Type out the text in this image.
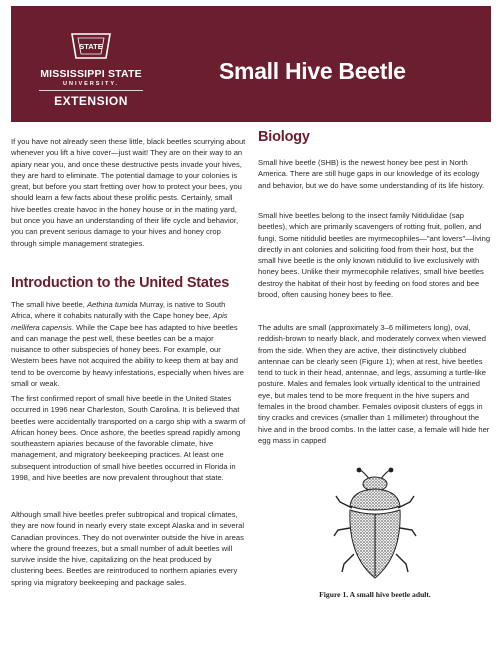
STATE
MISSISSIPPI STATE
UNIVERSITY.
EXTENSION
Small Hive Beetle

If you have not already seen these little, black beetles scurrying about whenever you lift a hive cover—just wait! They are on their way to an apiary near you, and once these destructive pests invade your hives, they are hard to eliminate. The potential damage to your colonies is great, but before you start fretting over how to protect your bees, you should learn a few facts about these prolific pests. Certainly, small hive beetles create havoc in the honey house or in the mating yard, but once you have an understanding of their life cycle and behavior, you can prevent serious damage to your hives and honey crop through simple management strategies.

Introduction to the United States

The small hive beetle, Aethina tumida Murray, is native to South Africa, where it cohabits naturally with the Cape honey bee, Apis mellifera capensis. While the Cape bee has adapted to hive beetles and can manage the pest well, these beetles can be a major nuisance to other subspecies of honey bees. For example, our Western bees have not acquired the ability to keep them at bay and tend to be overcome by heavy infestations, especially when hives are small or weak.

The first confirmed report of small hive beetle in the United States occurred in 1996 near Charleston, South Carolina. It is believed that beetles were accidentally transported on a cargo ship with a swarm of African honey bees. Once ashore, the beetles spread rapidly among southeastern apiaries because of the favorable climate, hive management, and migratory beekeeping practices. At least one subsequent introduction of small hive beetles occurred in Florida in 1998, and hive beetles are now prevalent throughout that state.

Although small hive beetles prefer subtropical and tropical climates, they are now found in nearly every state except Alaska and in several Canadian provinces. They do not overwinter outside the hive in areas where the ground freezes, but a small number of adult beetles will survive inside the hive, capitalizing on the heat produced by clustering bees. Beetles are reintroduced to northern apiaries every spring via migratory beekeeping and package sales.

Biology

Small hive beetle (SHB) is the newest honey bee pest in North America. There are still huge gaps in our knowledge of its ecology and behavior, but we do have some understanding of its life history.

Small hive beetles belong to the insect family Nitidulidae (sap beetles), which are primarily scavengers of rotting fruit, pollen, and fungi. Some nitidulid beetles are myrmecophiles—"ant lovers"—living directly in ant colonies and soliciting food from their host, but the small hive beetle is the only known nitidulid to live exclusively with honey bees. Unlike their myrmecophile relatives, small hive beetles destroy the habitat of their host by feeding on food stores and bee brood, often causing honey bees to flee.

The adults are small (approximately 3–6 millimeters long), oval, reddish-brown to nearly black, and moderately convex when viewed from the side. When they are active, their distinctively clubbed antennae can be clearly seen (Figure 1); when at rest, hive beetles tend to tuck in their head, antennae, and legs, assuming a turtle-like posture. Males and females look virtually identical to the untrained eye, but males tend to be more frequent in the hive supers and females in the brood chamber. Females oviposit clusters of eggs in tiny cracks and crevices (smaller than 1 millimeter) throughout the hive and in the brood combs. In the latter case, a female will hide her egg mass in capped

Figure 1. A small hive beetle adult.
